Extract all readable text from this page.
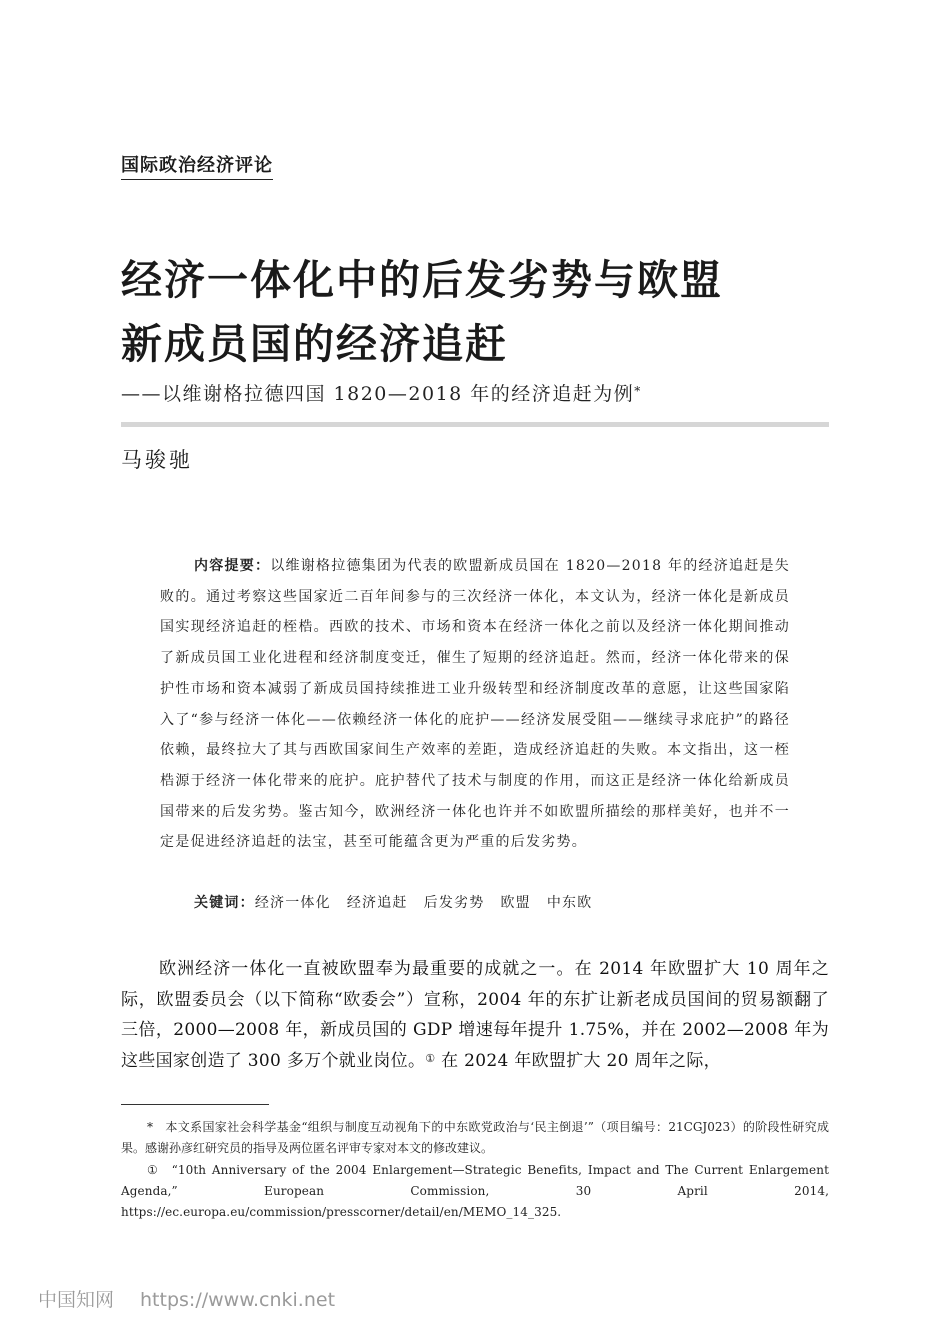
国际政治经济评论
经济一体化中的后发劣势与欧盟
新成员国的经济追赶
——以维谢格拉德四国 1820—2018 年的经济追赶为例*
马骏驰

内容提要：以维谢格拉德集团为代表的欧盟新成员国在 1820—2018 年的经济追赶是失败的。通过考察这些国家近二百年间参与的三次经济一体化，本文认为，经济一体化是新成员国实现经济追赶的桎梏。西欧的技术、市场和资本在经济一体化之前以及经济一体化期间推动了新成员国工业化进程和经济制度变迁，催生了短期的经济追赶。然而，经济一体化带来的保护性市场和资本减弱了新成员国持续推进工业升级转型和经济制度改革的意愿，让这些国家陷入了“参与经济一体化——依赖经济一体化的庇护——经济发展受阻——继续寻求庇护”的路径依赖，最终拉大了其与西欧国家间生产效率的差距，造成经济追赶的失败。本文指出，这一桎梏源于经济一体化带来的庇护。庇护替代了技术与制度的作用，而这正是经济一体化给新成员国带来的后发劣势。鉴古知今，欧洲经济一体化也许并不如欧盟所描绘的那样美好，也并不一定是促进经济追赶的法宝，甚至可能蕴含更为严重的后发劣势。

关键词：经济一体化 经济追赶 后发劣势 欧盟 中东欧

欧洲经济一体化一直被欧盟奉为最重要的成就之一。在 2014 年欧盟扩大 10 周年之际，欧盟委员会（以下简称“欧委会”）宣称，2004 年的东扩让新老成员国间的贸易额翻了三倍，2000—2008 年，新成员国的 GDP 增速每年提升 1.75%，并在 2002—2008 年为这些国家创造了 300 多万个就业岗位。① 在 2024 年欧盟扩大 20 周年之际，

* 本文系国家社会科学基金“组织与制度互动视角下的中东欧党政治与‘民主倒退’”（项目编号：21CGJ023）的阶段性研究成果。感谢孙彦红研究员的指导及两位匿名评审专家对本文的修改建议。

① “10th Anniversary of the 2004 Enlargement—Strategic Benefits, Impact and The Current Enlargement Agenda,” European Commission, 30 April 2014, https://ec.europa.eu/commission/presscorner/detail/en/MEMO_14_325.

中国知网 https://www.cnki.net
